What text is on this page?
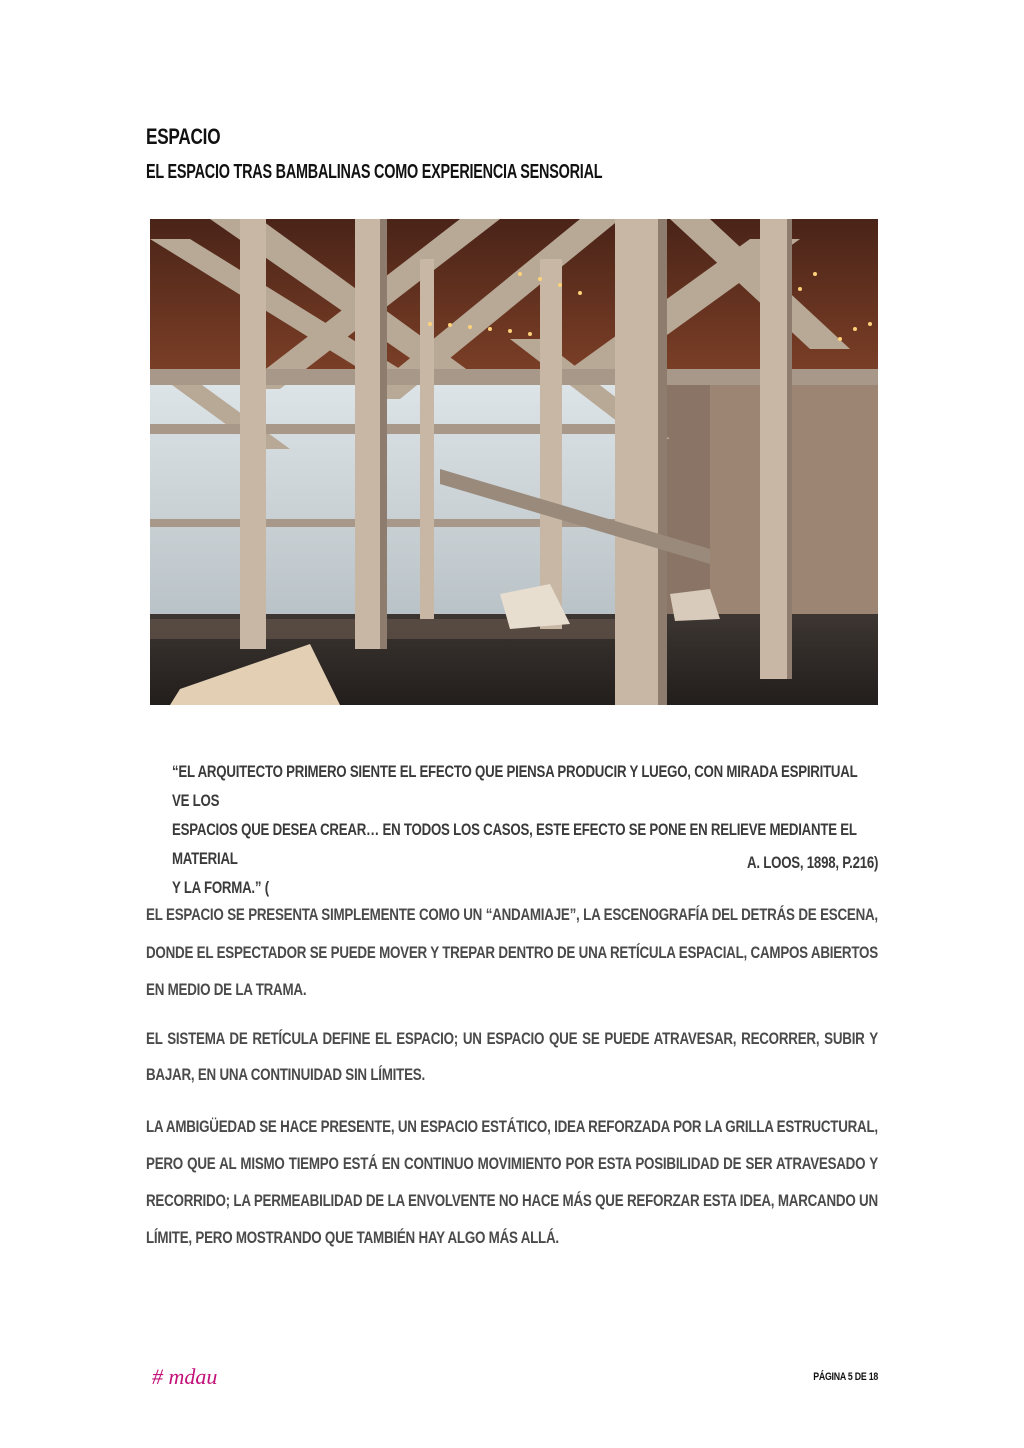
ESPACIO
EL ESPACIO TRAS BAMBALINAS COMO EXPERIENCIA SENSORIAL

“EL ARQUITECTO PRIMERO SIENTE EL EFECTO QUE PIENSA PRODUCIR Y LUEGO, CON MIRADA ESPIRITUAL VE LOS

ESPACIOS QUE DESEA CREAR… EN TODOS LOS CASOS, ESTE EFECTO SE PONE EN RELIEVE MEDIANTE EL MATERIAL

Y LA FORMA.” (

A. LOOS, 1898, P.216)

EL ESPACIO SE PRESENTA SIMPLEMENTE COMO UN “ANDAMIAJE”, LA ESCENOGRAFÍA DEL DETRÁS DE ESCENA, DONDE EL ESPECTADOR SE PUEDE MOVER Y TREPAR DENTRO DE UNA RETÍCULA ESPACIAL, CAMPOS ABIERTOS EN MEDIO DE LA TRAMA.

EL SISTEMA DE RETÍCULA DEFINE EL ESPACIO; UN ESPACIO QUE SE PUEDE ATRAVESAR, RECORRER, SUBIR Y BAJAR, EN UNA CONTINUIDAD SIN LÍMITES.

LA AMBIGÜEDAD SE HACE PRESENTE, UN ESPACIO ESTÁTICO, IDEA REFORZADA POR LA GRILLA ESTRUCTURAL, PERO QUE AL MISMO TIEMPO ESTÁ EN CONTINUO MOVIMIENTO POR ESTA POSIBILIDAD DE SER ATRAVESADO Y RECORRIDO; LA PERMEABILIDAD DE LA ENVOLVENTE NO HACE MÁS QUE REFORZAR ESTA IDEA, MARCANDO UN LÍMITE, PERO MOSTRANDO QUE TAMBIÉN HAY ALGO MÁS ALLÁ.

# mdau	PÁGINA 5 DE 18
